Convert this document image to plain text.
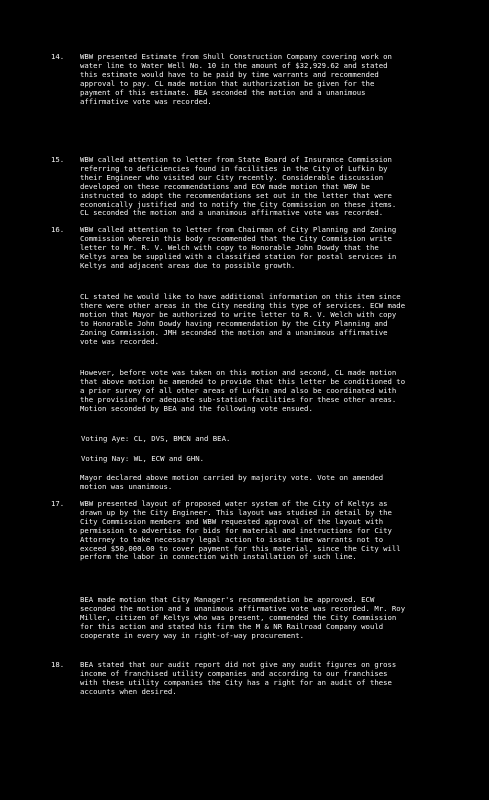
14. WBW presented Estimate from Shull Construction Company covering work on water line to Water Well No. 10 in the amount of $32,929.62 and stated this estimate would have to be paid by time warrants and recommended approval to pay. CL made motion that authorization be given for the payment of this estimate. BEA seconded the motion and a unanimous affirmative vote was recorded.

15. WBW called attention to letter from State Board of Insurance Commission referring to deficiencies found in facilities in the City of Lufkin by their Engineer who visited our City recently. Considerable discussion developed on these recommendations and ECW made motion that WBW be instructed to adopt the recommendations set out in the letter that were economically justified and to notify the City Commission on these items. CL seconded the motion and a unanimous affirmative vote was recorded.

16. WBW called attention to letter from Chairman of City Planning and Zoning Commission wherein this body recommended that the City Commission write letter to Mr. R. V. Welch with copy to Honorable John Dowdy that the Keltys area be supplied with a classified station for postal services in Keltys and adjacent areas due to possible growth.

CL stated he would like to have additional information on this item since there were other areas in the City needing this type of services. ECW made motion that Mayor be authorized to write letter to R. V. Welch with copy to Honorable John Dowdy having recommendation by the City Planning and Zoning Commission. JMH seconded the motion and a unanimous affirmative vote was recorded.

However, before vote was taken on this motion and second, CL made motion that above motion be amended to provide that this letter be conditioned to a prior survey of all other areas of Lufkin and also be coordinated with the provision for adequate sub-station facilities for these other areas. Motion seconded by BEA and the following vote ensued.

Voting Aye: CL, DVS, BMCN and BEA.

Voting Nay: WL, ECW and GHN.

Mayor declared above motion carried by majority vote. Vote on amended motion was unanimous.

17. WBW presented layout of proposed water system of the City of Keltys as drawn up by the City Engineer. This layout was studied in detail by the City Commission members and WBW requested approval of the layout with permission to advertise for bids for material and instructions for City Attorney to take necessary legal action to issue time warrants not to exceed $50,000.00 to cover payment for this material, since the City will perform the labor in connection with installation of such line.

BEA made motion that City Manager's recommendation be approved. ECW seconded the motion and a unanimous affirmative vote was recorded. Mr. Roy Miller, citizen of Keltys who was present, commended the City Commission for this action and stated his firm the M & NR Railroad Company would cooperate in every way in right-of-way procurement.

18. BEA stated that our audit report did not give any audit figures on gross income of franchised utility companies and according to our franchises with these utility companies the City has a right for an audit of these accounts when desired.
